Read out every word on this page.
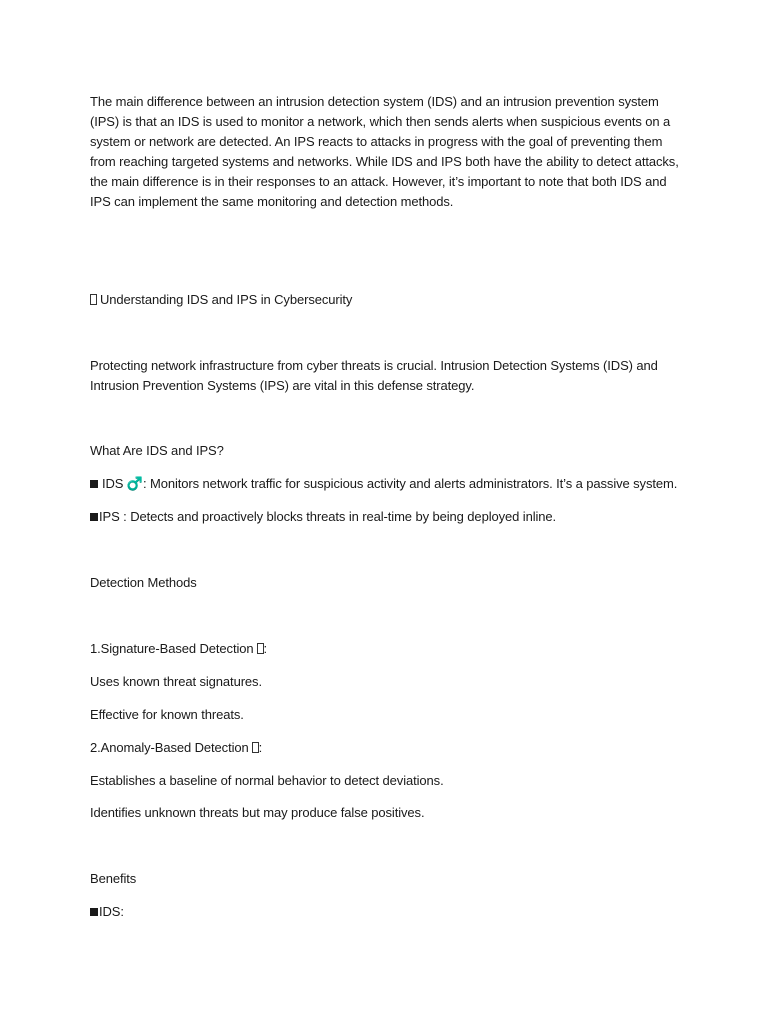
The main difference between an intrusion detection system (IDS) and an intrusion prevention system
(IPS) is that an IDS is used to monitor a network, which then sends alerts when suspicious events on a
system or network are detected. An IPS reacts to attacks in progress with the goal of preventing them
from reaching targeted systems and networks. While IDS and IPS both have the ability to detect attacks,
the main difference is in their responses to an attack. However, it’s important to note that both IDS and
IPS can implement the same monitoring and detection methods.
Understanding IDS and IPS in Cybersecurity
Protecting network infrastructure from cyber threats is crucial. Intrusion Detection Systems (IDS) and
Intrusion Prevention Systems (IPS) are vital in this defense strategy.
What Are IDS and IPS?
IDS ♂️: Monitors network traffic for suspicious activity and alerts administrators. It’s a passive system.
IPS : Detects and proactively blocks threats in real-time by being deployed inline.
Detection Methods
1.Signature-Based Detection :
Uses known threat signatures.
Effective for known threats.
2.Anomaly-Based Detection :
Establishes a baseline of normal behavior to detect deviations.
Identifies unknown threats but may produce false positives.
Benefits
IDS:
